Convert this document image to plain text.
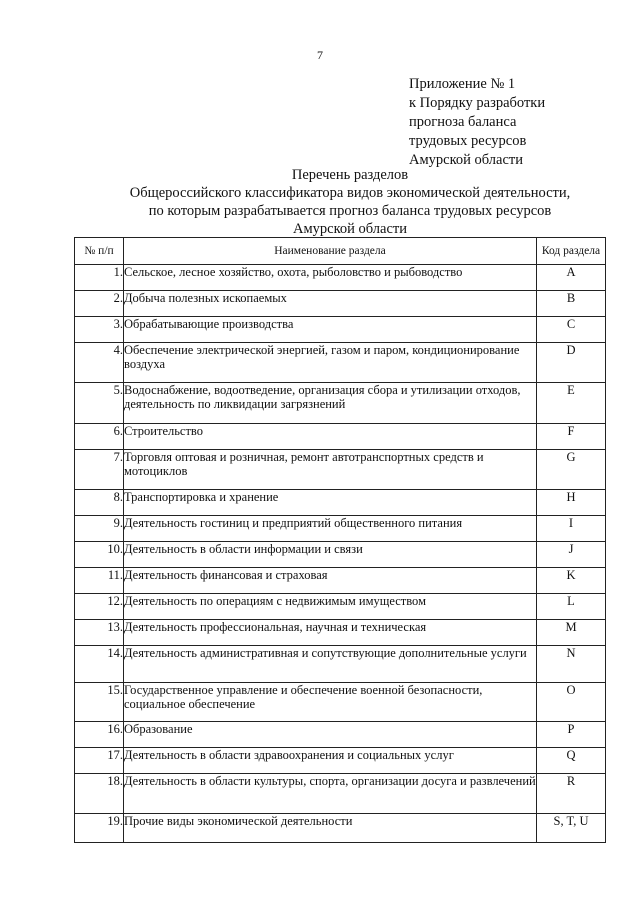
7
Приложение № 1
к Порядку разработки
прогноза баланса
трудовых ресурсов
Амурской области
Перечень разделов
Общероссийского классификатора видов экономической деятельности,
по которым разрабатывается прогноз баланса трудовых ресурсов
Амурской области
№ п/п	Наименование раздела	Код раздела
1.	Сельское, лесное хозяйство, охота, рыболовство и рыбоводство	A
2.	Добыча полезных ископаемых	B
3.	Обрабатывающие производства	C
4.	Обеспечение электрической энергией, газом и паром, кондиционирование воздуха	D
5.	Водоснабжение, водоотведение, организация сбора и утилизации отходов, деятельность по ликвидации загрязнений	E
6.	Строительство	F
7.	Торговля оптовая и розничная, ремонт автотранспортных средств и мотоциклов	G
8.	Транспортировка и хранение	H
9.	Деятельность гостиниц и предприятий общественного питания	I
10.	Деятельность в области информации и связи	J
11.	Деятельность финансовая и страховая	K
12.	Деятельность по операциям с недвижимым имуществом	L
13.	Деятельность профессиональная, научная и техническая	M
14.	Деятельность административная и сопутствующие дополнительные услуги	N
15.	Государственное управление и обеспечение военной безопасности, социальное обеспечение	O
16.	Образование	P
17.	Деятельность в области здравоохранения и социальных услуг	Q
18.	Деятельность в области культуры, спорта, организации досуга и развлечений	R
19.	Прочие виды экономической деятельности	S, T, U
